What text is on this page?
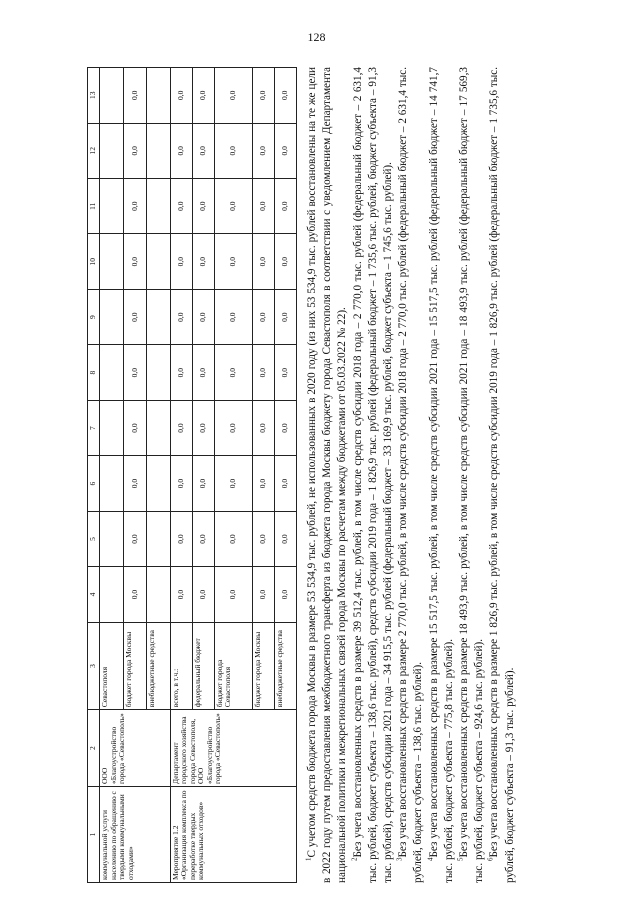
128
1	2	3	4	5	6	7	8	9	10	11	12	13
коммунальной услуги населению по обращению с твердыми коммунальными отходами»	ООО «Благоустройство города «Севастополь»	Севастополя										
		бюджет города Москвы	0,0	0,0	0,0	0,0	0,0	0,0	0,0	0,0	0,0	0,0
		внебюджетные средства										
Мероприятие 1.2 «Организация комплекса по переработке твердых коммунальных отходов»	Департамент городского хозяйства города Севастополя, ООО «Благоустройство города «Севастополь»	всего, в т.ч.:	0,0	0,0	0,0	0,0	0,0	0,0	0,0	0,0	0,0	0,0
		федеральный бюджет	0,0	0,0	0,0	0,0	0,0	0,0	0,0	0,0	0,0	0,0
		бюджет города Севастополя	0,0	0,0	0,0	0,0	0,0	0,0	0,0	0,0	0,0	0,0
		бюджет города Москвы	0,0	0,0	0,0	0,0	0,0	0,0	0,0	0,0	0,0	0,0
		внебюджетные средства	0,0	0,0	0,0	0,0	0,0	0,0	0,0	0,0	0,0	0,0

$^1$С учетом средств бюджета города Москвы в размере 53 534,9 тыс. рублей, не использованных в 2020 году (из них 53 534,9 тыс. рублей восстановлены на те же цели в 2022 году путем предоставления межбюджетного трансферта из бюджета города Москвы бюджету города Севастополя в соответствии с уведомлением Департамента национальной политики и межрегиональных связей города Москвы по расчетам между бюджетами от 05.03.2022 № 22). $^2$Без учета восстановленных средств в размере 39 512,4 тыс. рублей, в том числе средств субсидии 2018 года – 2 770,0 тыс. рублей (федеральный бюджет – 2 631,4 тыс. рублей, бюджет субъекта – 138,6 тыс. рублей), средств субсидии 2019 года – 1 826,9 тыс. рублей (федеральный бюджет – 1 735,6 тыс. рублей, бюджет субъекта – 91,3 тыс. рублей), средств субсидии 2021 года – 34 915,5 тыс. рублей (федеральный бюджет – 33 169,9 тыс. рублей, бюджет субъекта – 1 745,6 тыс. рублей). $^3$Без учета восстановленных средств в размере 2 770,0 тыс. рублей, в том числе средств субсидии 2018 года – 2 770,0 тыс. рублей (федеральный бюджет – 2 631,4 тыс. рублей, бюджет субъекта – 138,6 тыс. рублей). $^4$Без учета восстановленных средств в размере 15 517,5 тыс. рублей, в том числе средств субсидии 2021 года – 15 517,5 тыс. рублей (федеральный бюджет – 14 741,7 тыс. рублей, бюджет субъекта – 775,8 тыс. рублей). $^5$Без учета восстановленных средств в размере 18 493,9 тыс. рублей, в том числе средств субсидии 2021 года – 18 493,9 тыс. рублей (федеральный бюджет – 17 569,3 тыс. рублей, бюджет субъекта – 924,6 тыс. рублей). $^6$Без учета восстановленных средств в размере 1 826,9 тыс. рублей, в том числе средств субсидии 2019 года – 1 826,9 тыс. рублей (федеральный бюджет – 1 735,6 тыс. рублей, бюджет субъекта – 91,3 тыс. рублей).
